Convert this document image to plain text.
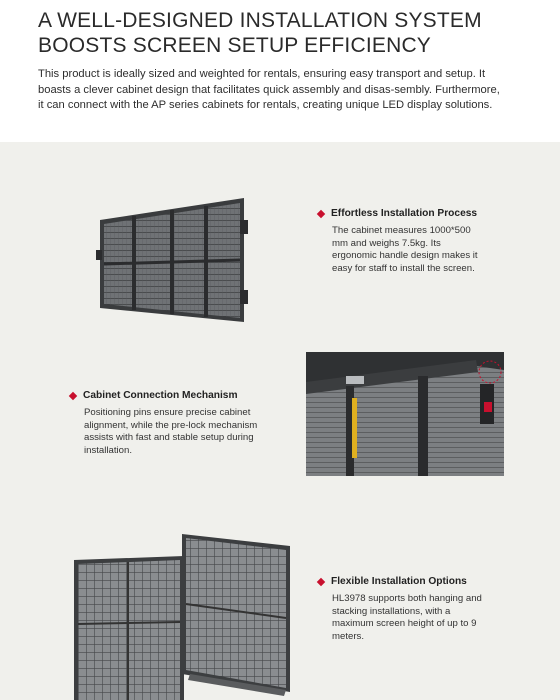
A WELL-DESIGNED INSTALLATION SYSTEM
BOOSTS SCREEN SETUP EFFICIENCY

This product is ideally sized and weighted for rentals, ensuring easy transport and setup. It boasts a clever cabinet design that facilitates quick assembly and disas-sembly. Furthermore, it can connect with the AP series cabinets for rentals, creating unique LED display solutions.

Effortless Installation Process

The cabinet measures 1000*500 mm and weighs 7.5kg. Its ergonomic handle design makes it easy for staff to install the screen.

Cabinet Connection Mechanism

Positioning pins ensure precise cabinet alignment, while the pre-lock mechanism assists with fast and stable setup during installation.

Flexible Installation Options

HL3978 supports both hanging and stacking installations, with a maximum screen height of up to 9 meters.
